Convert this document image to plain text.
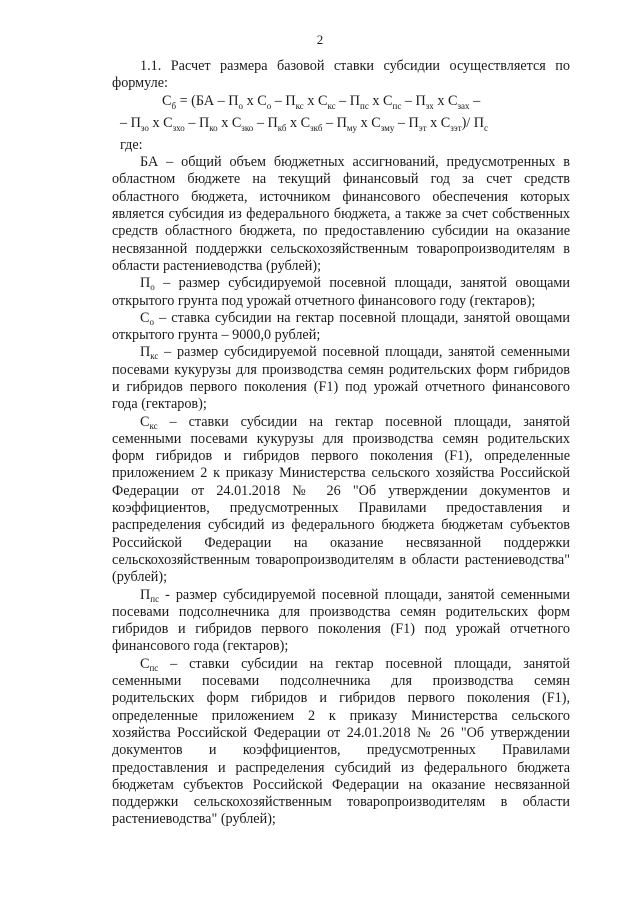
2

1.1. Расчет размера базовой ставки субсидии осуществляется по формуле:

$С_б = (БА - П_о$ х $С_о - П_{кс}$ х $С_{кс} - П_{пс}$ х $С_{пс} - П_{зх}$ х $С_{зах}$ –

– $П_{зо}$ х $С_{зхо} - П_{ко}$ х $С_{зко} - П_{кб}$ х $С_{зкб} - П_{му}$ х $С_{змy} - П_{эт}$ х $С_{зэт})/$ $П_с$

где:

БА – общий объем бюджетных ассигнований, предусмотренных в областном бюджете на текущий финансовый год за счет средств областного бюджета, источником финансового обеспечения которых является субсидия из федерального бюджета, а также за счет собственных средств областного бюджета, по предоставлению субсидии на оказание несвязанной поддержки сельскохозяйственным товаропроизводителям в области растениеводства (рублей);

$П_о$ – размер субсидируемой посевной площади, занятой овощами открытого грунта под урожай отчетного финансового году (гектаров);

$С_о$ – ставка субсидии на гектар посевной площади, занятой овощами открытого грунта – 9000,0 рублей;

$П_{кс}$ – размер субсидируемой посевной площади, занятой семенными посевами кукурузы для производства семян родительских форм гибридов и гибридов первого поколения (F1) под урожай отчетного финансового года (гектаров);

$С_{кс}$ – ставки субсидии на гектар посевной площади, занятой семенными посевами кукурузы для производства семян родительских форм гибридов и гибридов первого поколения (F1), определенные приложением 2 к приказу Министерства сельского хозяйства Российской Федерации от 24.01.2018 № 26 "Об утверждении документов и коэффициентов, предусмотренных Правилами предоставления и распределения субсидий из федерального бюджета бюджетам субъектов Российской Федерации на оказание несвязанной поддержки сельскохозяйственным товаропроизводителям в области растениеводства" (рублей);

$П_{пс}$ - размер субсидируемой посевной площади, занятой семенными посевами подсолнечника для производства семян родительских форм гибридов и гибридов первого поколения (F1) под урожай отчетного финансового года (гектаров);

$С_{пс}$ – ставки субсидии на гектар посевной площади, занятой семенными посевами подсолнечника для производства семян родительских форм гибридов и гибридов первого поколения (F1), определенные приложением 2 к приказу Министерства сельского хозяйства Российской Федерации от 24.01.2018 № 26 "Об утверждении документов и коэффициентов, предусмотренных Правилами предоставления и распределения субсидий из федерального бюджета бюджетам субъектов Российской Федерации на оказание несвязанной поддержки сельскохозяйственным товаропроизводителям в области растениеводства" (рублей);
